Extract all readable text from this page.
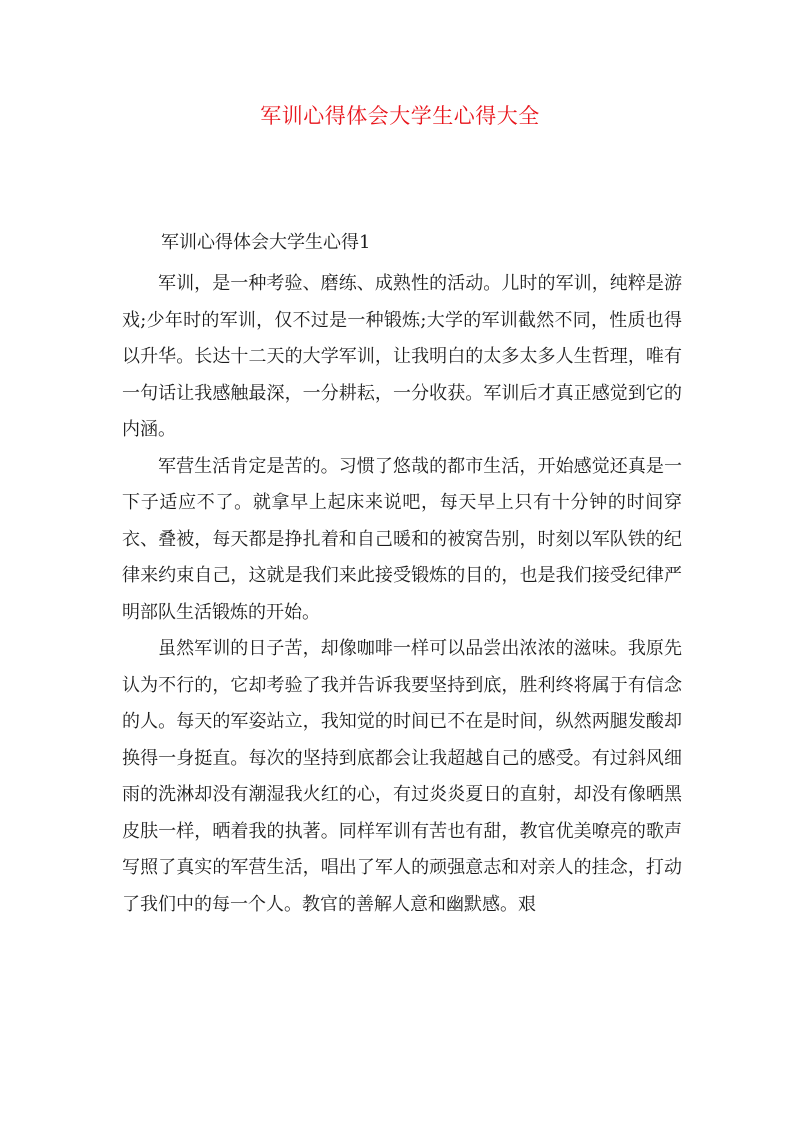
军训心得体会大学生心得大全
军训心得体会大学生心得1

军训，是一种考验、磨练、成熟性的活动。儿时的军训，纯粹是游戏;少年时的军训，仅不过是一种锻炼;大学的军训截然不同，性质也得以升华。长达十二天的大学军训，让我明白的太多太多人生哲理，唯有一句话让我感触最深，一分耕耘，一分收获。军训后才真正感觉到它的内涵。

军营生活肯定是苦的。习惯了悠哉的都市生活，开始感觉还真是一下子适应不了。就拿早上起床来说吧，每天早上只有十分钟的时间穿衣、叠被，每天都是挣扎着和自己暖和的被窝告别，时刻以军队铁的纪律来约束自己，这就是我们来此接受锻炼的目的，也是我们接受纪律严明部队生活锻炼的开始。

虽然军训的日子苦，却像咖啡一样可以品尝出浓浓的滋味。我原先认为不行的，它却考验了我并告诉我要坚持到底，胜利终将属于有信念的人。每天的军姿站立，我知觉的时间已不在是时间，纵然两腿发酸却换得一身挺直。每次的坚持到底都会让我超越自己的感受。有过斜风细雨的洗淋却没有潮湿我火红的心，有过炎炎夏日的直射，却没有像晒黑皮肤一样，晒着我的执著。同样军训有苦也有甜，教官优美嘹亮的歌声写照了真实的军营生活，唱出了军人的顽强意志和对亲人的挂念，打动了我们中的每一个人。教官的善解人意和幽默感。艰
